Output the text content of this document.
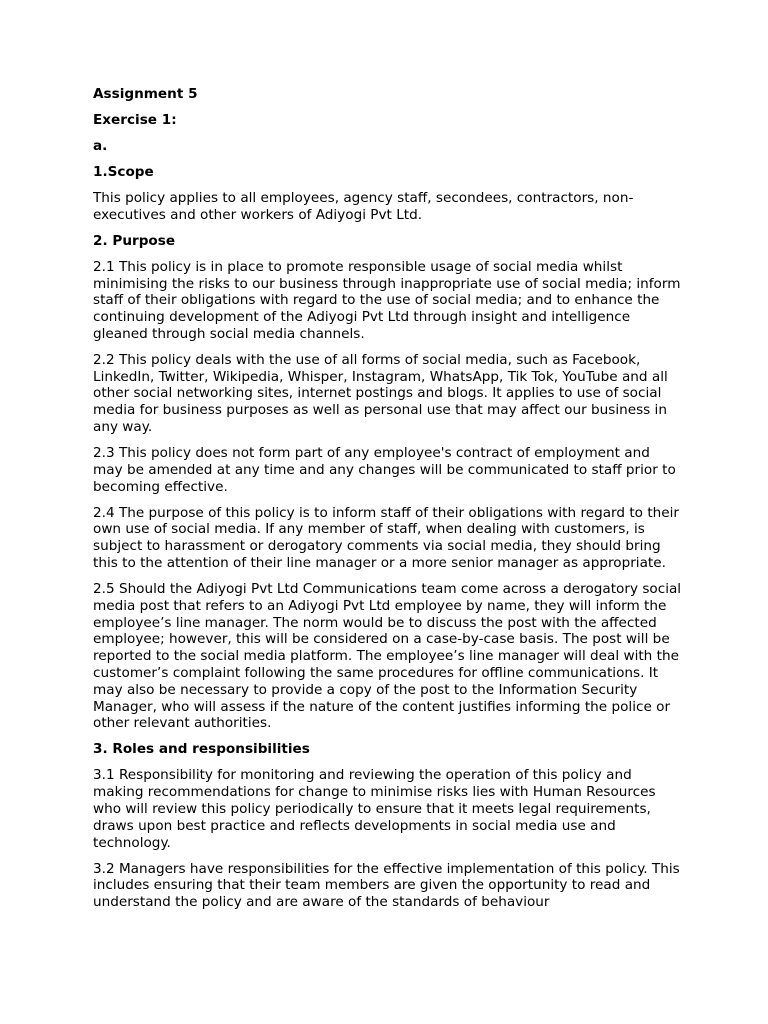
Assignment 5
Exercise 1:
a.
1.Scope
This policy applies to all employees, agency staff, secondees, contractors, non-executives and other workers of Adiyogi Pvt Ltd.
2. Purpose
2.1 This policy is in place to promote responsible usage of social media whilst minimising the risks to our business through inappropriate use of social media; inform staff of their obligations with regard to the use of social media; and to enhance the continuing development of the Adiyogi Pvt Ltd through insight and intelligence gleaned through social media channels.
2.2 This policy deals with the use of all forms of social media, such as Facebook, LinkedIn, Twitter, Wikipedia, Whisper, Instagram, WhatsApp, Tik Tok, YouTube and all other social networking sites, internet postings and blogs. It applies to use of social media for business purposes as well as personal use that may affect our business in any way.
2.3 This policy does not form part of any employee's contract of employment and may be amended at any time and any changes will be communicated to staff prior to becoming effective.
2.4 The purpose of this policy is to inform staff of their obligations with regard to their own use of social media. If any member of staff, when dealing with customers, is subject to harassment or derogatory comments via social media, they should bring this to the attention of their line manager or a more senior manager as appropriate.
2.5 Should the Adiyogi Pvt Ltd Communications team come across a derogatory social media post that refers to an Adiyogi Pvt Ltd employee by name, they will inform the employee’s line manager. The norm would be to discuss the post with the affected employee; however, this will be considered on a case-by-case basis. The post will be reported to the social media platform. The employee’s line manager will deal with the customer’s complaint following the same procedures for offline communications. It may also be necessary to provide a copy of the post to the Information Security Manager, who will assess if the nature of the content justifies informing the police or other relevant authorities.
3. Roles and responsibilities
3.1 Responsibility for monitoring and reviewing the operation of this policy and making recommendations for change to minimise risks lies with Human Resources who will review this policy periodically to ensure that it meets legal requirements, draws upon best practice and reflects developments in social media use and technology.
3.2 Managers have responsibilities for the effective implementation of this policy. This includes ensuring that their team members are given the opportunity to read and understand the policy and are aware of the standards of behaviour
